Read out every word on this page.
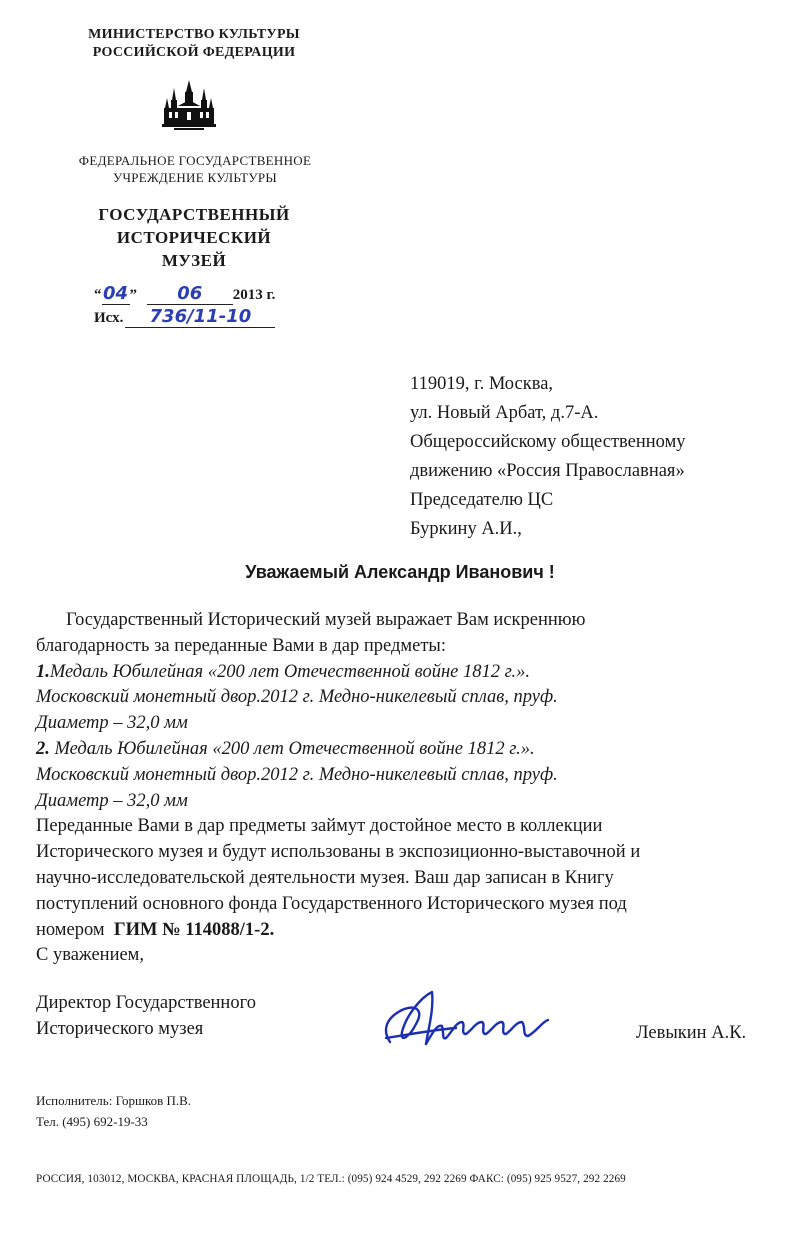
МИНИСТЕРСТВО КУЛЬТУРЫ
РОССИЙСКОЙ ФЕДЕРАЦИИ
ФЕДЕРАЛЬНОЕ ГОСУДАРСТВЕННОЕ
УЧРЕЖДЕНИЕ КУЛЬТУРЫ
ГОСУДАРСТВЕННЫЙ
ИСТОРИЧЕСКИЙ
МУЗЕЙ
“04” 06 2013 г.
Исх. 736/11-10
119019, г. Москва,
ул. Новый Арбат, д.7-А.
Общероссийскому общественному
движению «Россия Православная»
Председателю ЦС
Буркину А.И.,
Уважаемый Александр Иванович !
Государственный Исторический музей выражает Вам искреннюю
благодарность за переданные Вами в дар предметы:
1.Медаль Юбилейная «200 лет Отечественной войне 1812 г.».
Московский монетный двор.2012 г. Медно-никелевый сплав, пруф.
Диаметр – 32,0 мм
2. Медаль Юбилейная «200 лет Отечественной войне 1812 г.».
Московский монетный двор.2012 г. Медно-никелевый сплав, пруф.
Диаметр – 32,0 мм
Переданные Вами в дар предметы займут достойное место в коллекции
Исторического музея и будут использованы в экспозиционно-выставочной и
научно-исследовательской деятельности музея. Ваш дар записан в Книгу
поступлений основного фонда Государственного Исторического музея под
номером  ГИМ № 114088/1-2.
С уважением,
Директор Государственного
Исторического музея	Левыкин А.К.
Исполнитель: Горшков П.В.
Тел. (495) 692-19-33
РОССИЯ, 103012, МОСКВА, КРАСНАЯ ПЛОЩАДЬ, 1/2 ТЕЛ.: (095) 924 4529, 292 2269 ФАКС: (095) 925 9527, 292 2269
